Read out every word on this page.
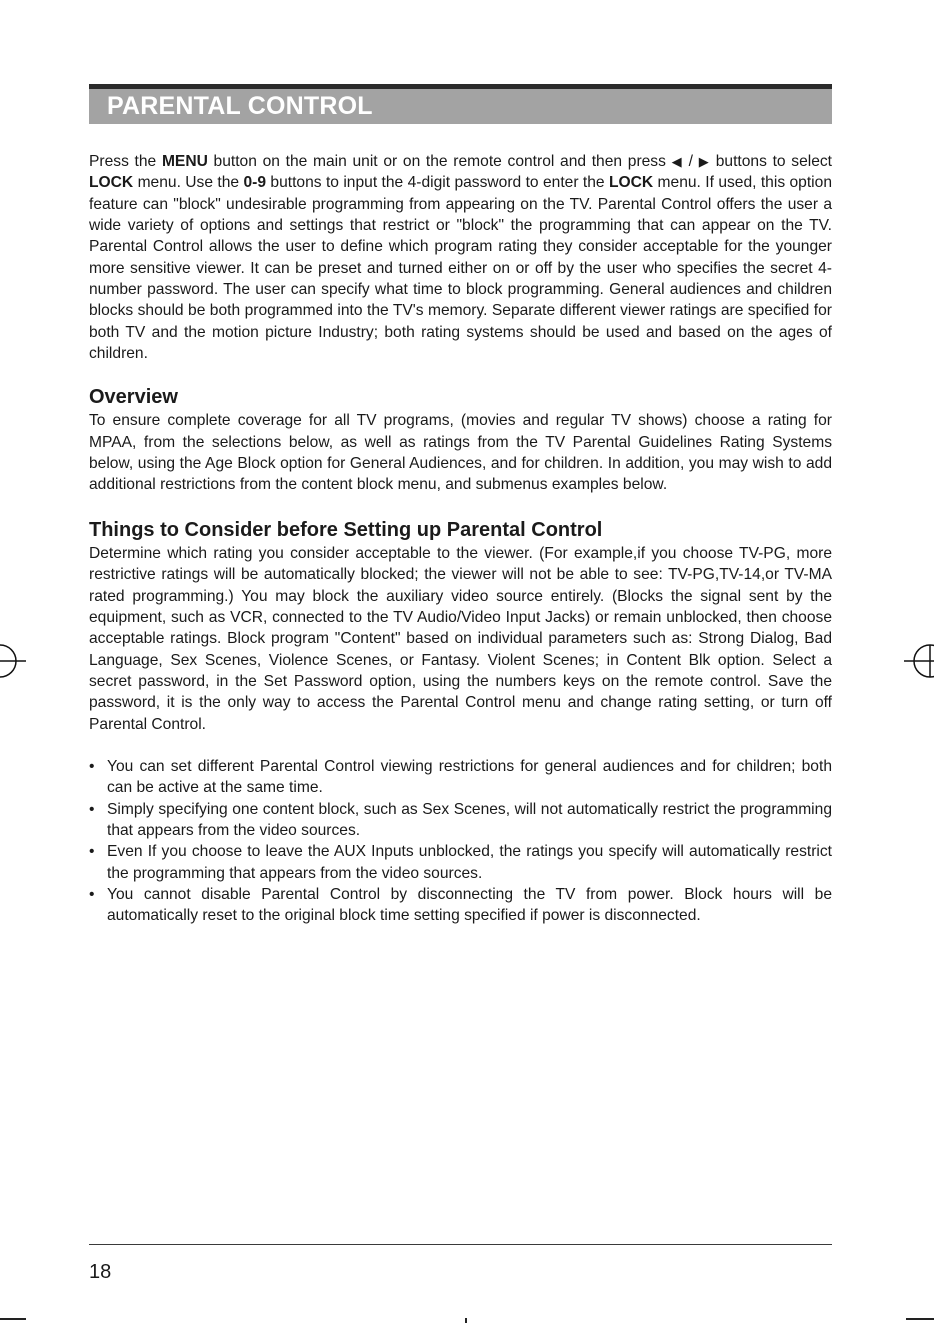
PARENTAL CONTROL

Press the MENU button on the main unit or on the remote control and then press ◀ / ▶ buttons to select LOCK menu. Use the 0-9 buttons to input the 4-digit password to enter the LOCK menu. If used, this option feature can "block" undesirable programming from appearing on the TV. Parental Control offers the user a wide variety of options and settings that restrict or "block" the programming that can appear on the TV. Parental Control allows the user to define which program rating they consider acceptable for the younger more sensitive viewer. It can be preset and turned either on or off by the user who specifies the secret 4-number password. The user can specify what time to block programming. General audiences and children blocks should be both programmed into the TV's memory. Separate different viewer ratings are specified for both TV and the motion picture Industry; both rating systems should be used and based on the ages of children.

Overview

To ensure complete coverage for all TV programs, (movies and regular TV shows) choose a rating for MPAA, from the selections below, as well as ratings from the TV Parental Guidelines Rating Systems below, using the Age Block option for General Audiences, and for children. In addition, you may wish to add additional restrictions from the content block menu, and submenus examples below.

Things to Consider before Setting up Parental Control

Determine which rating you consider acceptable to the viewer. (For example,if you choose TV-PG, more restrictive ratings will be automatically blocked; the viewer will not be able to see: TV-PG,TV-14,or TV-MA rated programming.) You may block the auxiliary video source entirely. (Blocks the signal sent by the equipment, such as VCR, connected to the TV Audio/Video Input Jacks) or remain unblocked, then choose acceptable ratings. Block program "Content" based on individual parameters such as: Strong Dialog, Bad Language, Sex Scenes, Violence Scenes, or Fantasy. Violent Scenes; in Content Blk option. Select a secret password, in the Set Password option, using the numbers keys on the remote control. Save the password, it is the only way to access the Parental Control menu and change rating setting, or turn off Parental Control.

• You can set different Parental Control viewing restrictions for general audiences and for children; both can be active at the same time.
• Simply specifying one content block, such as Sex Scenes, will not automatically restrict the programming that appears from the video sources.
• Even If you choose to leave the AUX Inputs unblocked, the ratings you specify will automatically restrict the programming that appears from the video sources.
• You cannot disable Parental Control by disconnecting the TV from power. Block hours will be automatically reset to the original block time setting specified if power is disconnected.
18
